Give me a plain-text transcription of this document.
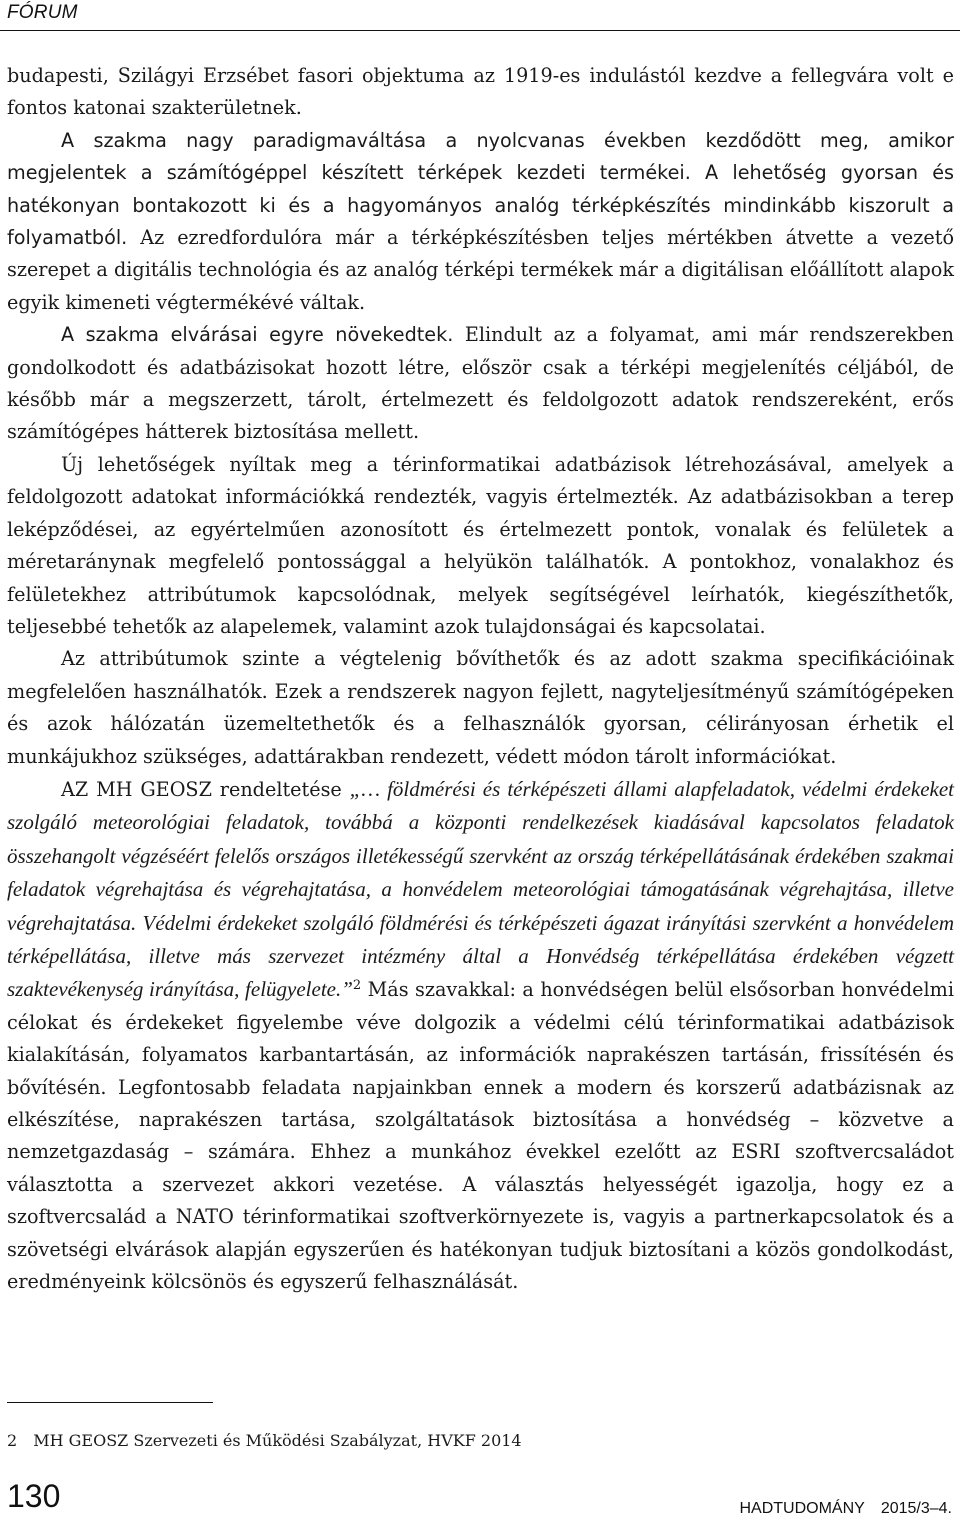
FÓRUM

budapesti, Szilágyi Erzsébet fasori objektuma az 1919-es indulástól kezdve a fellegvára volt e fontos katonai szakterületnek.

A szakma nagy paradigmaváltása a nyolcvanas években kezdődött meg, amikor megjelentek a számítógéppel készített térképek kezdeti termékei. A lehetőség gyorsan és hatékonyan bontakozott ki és a hagyományos analóg térképkészítés mindinkább kiszorult a folyamatból. Az ezredfordulóra már a térképkészítésben teljes mértékben átvette a vezető szerepet a digitális technológia és az analóg térképi termékek már a digitálisan előállított alapok egyik kimeneti végtermékévé váltak.

A szakma elvárásai egyre növekedtek. Elindult az a folyamat, ami már rendszerekben gondolkodott és adatbázisokat hozott létre, először csak a térképi megjelenítés céljából, de később már a megszerzett, tárolt, értelmezett és feldolgozott adatok rendszereként, erős számítógépes hátterek biztosítása mellett.

Új lehetőségek nyíltak meg a térinformatikai adatbázisok létrehozásával, amelyek a feldolgozott adatokat információkká rendezték, vagyis értelmezték. Az adatbázisokban a terep leképződései, az egyértelműen azonosított és értelmezett pontok, vonalak és felületek a méretaránynak megfelelő pontossággal a helyükön találhatók. A pontokhoz, vonalakhoz és felületekhez attribútumok kapcsolódnak, melyek segítségével leírhatók, kiegészíthetők, teljesebbé tehetők az alapelemek, valamint azok tulajdonságai és kapcsolatai.

Az attribútumok szinte a végtelenig bővíthetők és az adott szakma specifikációinak megfelelően használhatók. Ezek a rendszerek nagyon fejlett, nagyteljesítményű számítógépeken és azok hálózatán üzemeltethetők és a felhasználók gyorsan, célirányosan érhetik el munkájukhoz szükséges, adattárakban rendezett, védett módon tárolt információkat.

AZ MH GEOSZ rendeltetése „… földmérési és térképészeti állami alapfeladatok, védelmi érdekeket szolgáló meteorológiai feladatok, továbbá a központi rendelkezések kiadásával kapcsolatos feladatok összehangolt végzéséért felelős országos illetékességű szervként az ország térképellátásának érdekében szakmai feladatok végrehajtása és végrehajtatása, a honvédelem meteorológiai támogatásának végrehajtása, illetve végrehajtatása. Védelmi érdekeket szolgáló földmérési és térképészeti ágazat irányítási szervként a honvédelem térképellátása, illetve más szervezet intézmény által a Honvédség térképellátása érdekében végzett szaktevékenység irányítása, felügyelete.”$^2$ Más szavakkal: a honvédségen belül elsősorban honvédelmi célokat és érdekeket figyelembe véve dolgozik a védelmi célú térinformatikai adatbázisok kialakításán, folyamatos karbantartásán, az információk naprakészen tartásán, frissítésén és bővítésén. Legfontosabb feladata napjainkban ennek a modern és korszerű adatbázisnak az elkészítése, naprakészen tartása, szolgáltatások biztosítása a honvédség – közvetve a nemzetgazdaság – számára. Ehhez a munkához évekkel ezelőtt az ESRI szoftvercsaládot választotta a szervezet akkori vezetése. A választás helyességét igazolja, hogy ez a szoftvercsalád a NATO térinformatikai szoftverkörnyezete is, vagyis a partnerkapcsolatok és a szövetségi elvárások alapján egyszerűen és hatékonyan tudjuk biztosítani a közös gondolkodást, eredményeink kölcsönös és egyszerű felhasználását.

2 MH GEOSZ Szervezeti és Működési Szabályzat, HVKF 2014
130	HADTUDOMÁNY 2015/3–4.
